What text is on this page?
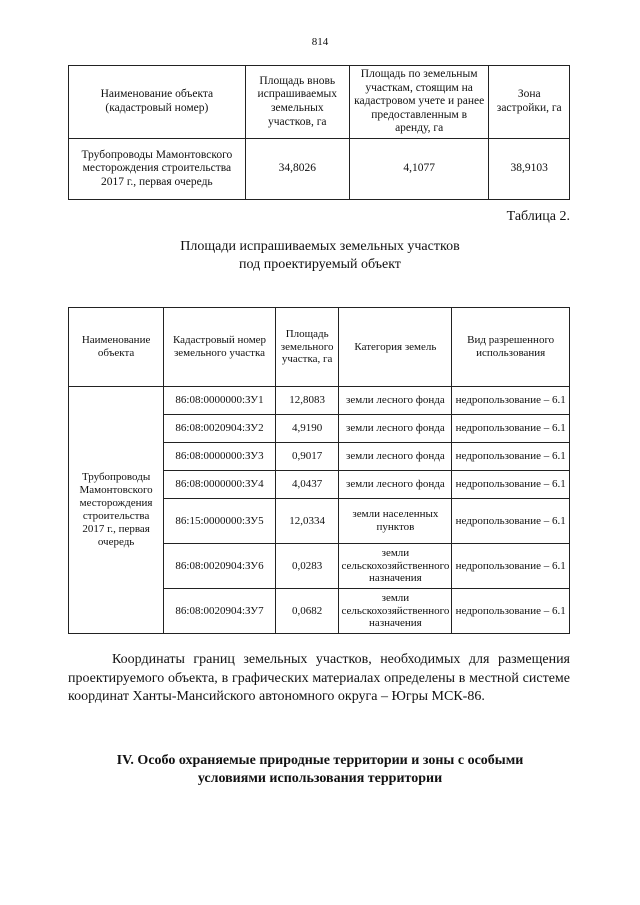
814
Наименование объекта (кадастровый номер)	Площадь вновь испрашиваемых земельных участков, га	Площадь по земельным участкам, стоящим на кадастровом учете и ранее предоставленным в аренду, га	Зона застройки, га
Трубопроводы Мамонтовского месторождения строительства 2017 г., первая очередь	34,8026	4,1077	38,9103
Таблица 2.
Площади испрашиваемых земельных участков
под проектируемый объект
Наименование объекта	Кадастровый номер земельного участка	Площадь земельного участка, га	Категория земель	Вид разрешенного использования
Трубопроводы Мамонтовского месторождения строительства 2017 г., первая очередь	86:08:0000000:ЗУ1	12,8083	земли лесного фонда	недропользование – 6.1
	86:08:0020904:ЗУ2	4,9190	земли лесного фонда	недропользование – 6.1
	86:08:0000000:ЗУ3	0,9017	земли лесного фонда	недропользование – 6.1
	86:08:0000000:ЗУ4	4,0437	земли лесного фонда	недропользование – 6.1
	86:15:0000000:ЗУ5	12,0334	земли населенных пунктов	недропользование – 6.1
	86:08:0020904:ЗУ6	0,0283	земли сельскохозяйственного назначения	недропользование – 6.1
	86:08:0020904:ЗУ7	0,0682	земли сельскохозяйственного назначения	недропользование – 6.1
Координаты границ земельных участков, необходимых для размещения проектируемого объекта, в графических материалах определены в местной системе координат Ханты-Мансийского автономного округа – Югры МСК-86.
IV. Особо охраняемые природные территории и зоны с особыми
условиями использования территории
